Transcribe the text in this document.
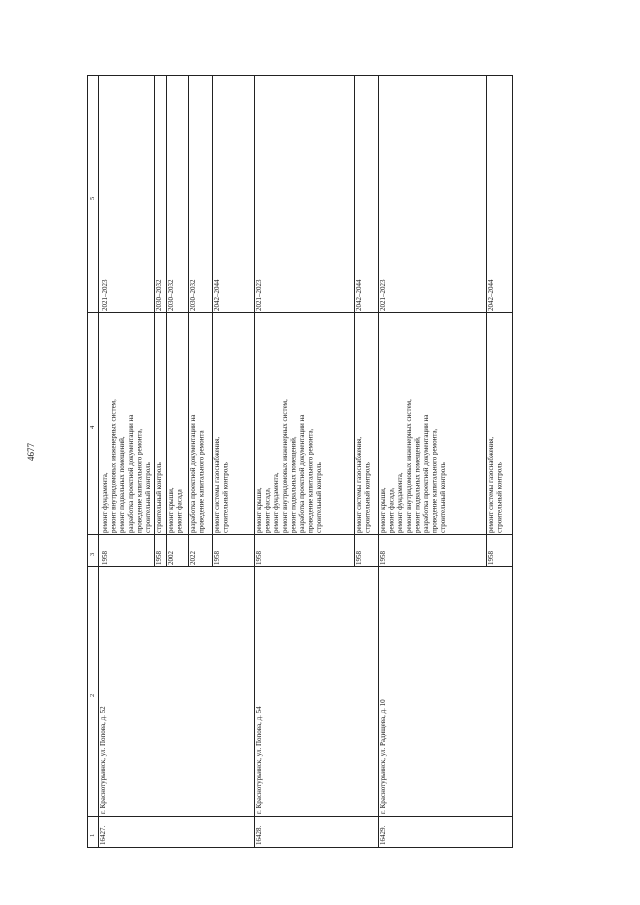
4677
1
2
3
4
5
16427.
г. Краснотурьинск, ул. Попова, д. 52
1958
ремонт фундамента, ремонт внутридомовых инженерных систем, ремонт подвальных помещений, разработка проектной документации на проведение капитального ремонта, строительный контроль
2021–2023
1958
строительный контроль
2030–2032
2002
ремонт крыши, ремонт фасада
2030–2032
2022
разработка проектной документации на проведение капитального ремонта
2030–2032
1958
ремонт системы газоснабжения, строительный контроль
2042–2044
16428.
г. Краснотурьинск, ул. Попова, д. 54
1958
ремонт крыши, ремонт фасада, ремонт фундамента, ремонт внутридомовых инженерных систем, ремонт подвальных помещений, разработка проектной документации на проведение капитального ремонта, строительный контроль
2021–2023
1958
ремонт системы газоснабжения, строительный контроль
2042–2044
16429.
г. Краснотурьинск, ул. Радищева, д. 10
1958
ремонт крыши, ремонт фасада, ремонт фундамента, ремонт внутридомовых инженерных систем, ремонт подвальных помещений, разработка проектной документации на проведение капитального ремонта, строительный контроль
2021–2023
1958
ремонт системы газоснабжения, строительный контроль
2042–2044
